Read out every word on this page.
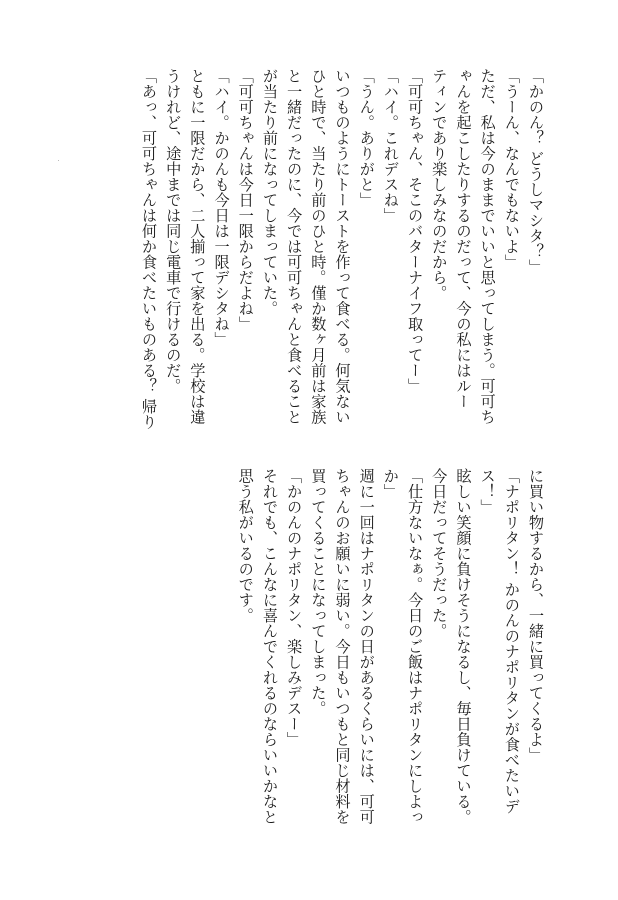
「かのん？ どうしマシタ？」
「うーん、なんでもないよ」
ただ、私は今のままでいいと思ってしまう。可可ち
ゃんを起こしたりするのだって、今の私にはルー
ティンであり楽しみなのだから。
「可可ちゃん、そこのバターナイフ取ってー」
「ハイ。これデスね」
「うん。ありがと」
いつものようにトーストを作って食べる。何気ない
ひと時で、当たり前のひと時。僅か数ヶ月前は家族
と一緒だったのに、今では可可ちゃんと食べること
が当たり前になってしまっていた。
「可可ちゃんは今日一限からだよね」
「ハイ。かのんも今日は一限デシタね」
ともに一限だから、二人揃って家を出る。学校は違
うけれど、途中までは同じ電車で行けるのだ。
「あっ、可可ちゃんは何か食べたいものある？ 帰り
に買い物するから、一緒に買ってくるよ」
「ナポリタン！ かのんのナポリタンが食べたいデ
ス！」
眩しい笑顔に負けそうになるし、毎日負けている。
今日だってそうだった。
「仕方ないなぁ。今日のご飯はナポリタンにしよっ
か」
週に一回はナポリタンの日があるくらいには、可可
ちゃんのお願いに弱い。今日もいつもと同じ材料を
買ってくることになってしまった。
「かのんのナポリタン、楽しみデスー」
それでも、こんなに喜んでくれるのならいいかなと
思う私がいるのです。
